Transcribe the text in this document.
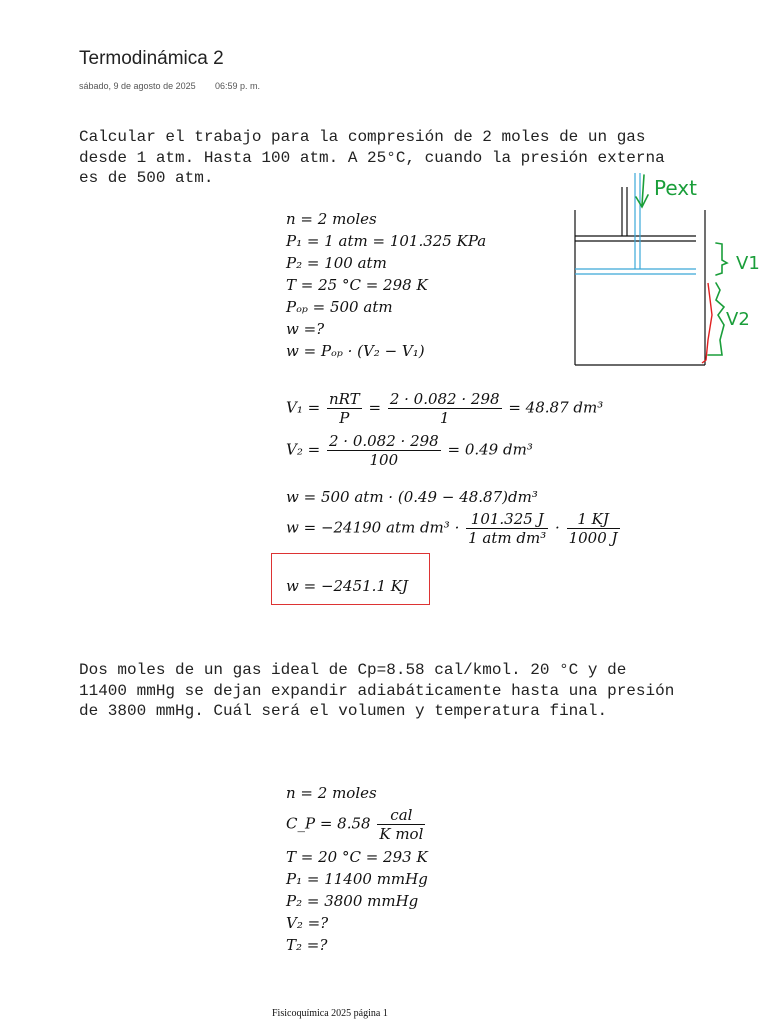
Termodinámica 2
sábado, 9 de agosto de 2025 06:59 p. m.
Calcular el trabajo para la compresión de 2 moles de un gas desde 1 atm. Hasta 100 atm. A 25°C, cuando la presión externa es de 500 atm.
n = 2 moles
P₁ = 1 atm = 101.325 KPa
P₂ = 100 atm
T = 25 °C = 298 K
Pₒₚ = 500 atm
w =?
w = Pₒₚ · (V₂ − V₁)
$V_1 = \frac{\text{nRT}}{P} = \frac{2 \cdot 0.082 \cdot 298}{1} = 48.87$ dm³
$V_2 = \frac{2 \cdot 0.082 \cdot 298}{100} = 0.49$ dm³
w = 500 atm · (0.49 − 48.87)dm³
w = −24190 atm $dm^3 \cdot \frac{101.325 J}{\text{1 atm dm³}} \cdot \frac{1 KJ}{1000 J}$
w = −2451.1 KJ
Pext
V1
V2
Dos moles de un gas ideal de Cp=8.58 cal/kmol. 20 °C y de 11400 mmHg se dejan expandir adiabáticamente hasta una presión de 3800 mmHg. Cuál será el volumen y temperatura final.
n = 2 moles
C_P = $8.58 \frac{\text{cal}}{\text{K mol}}$
T = 20 °C = 293 K
P₁ = 11400 mmHg
P₂ = 3800 mmHg
V₂ =?
T₂ =?
Fisicoquímica 2025 página 1
